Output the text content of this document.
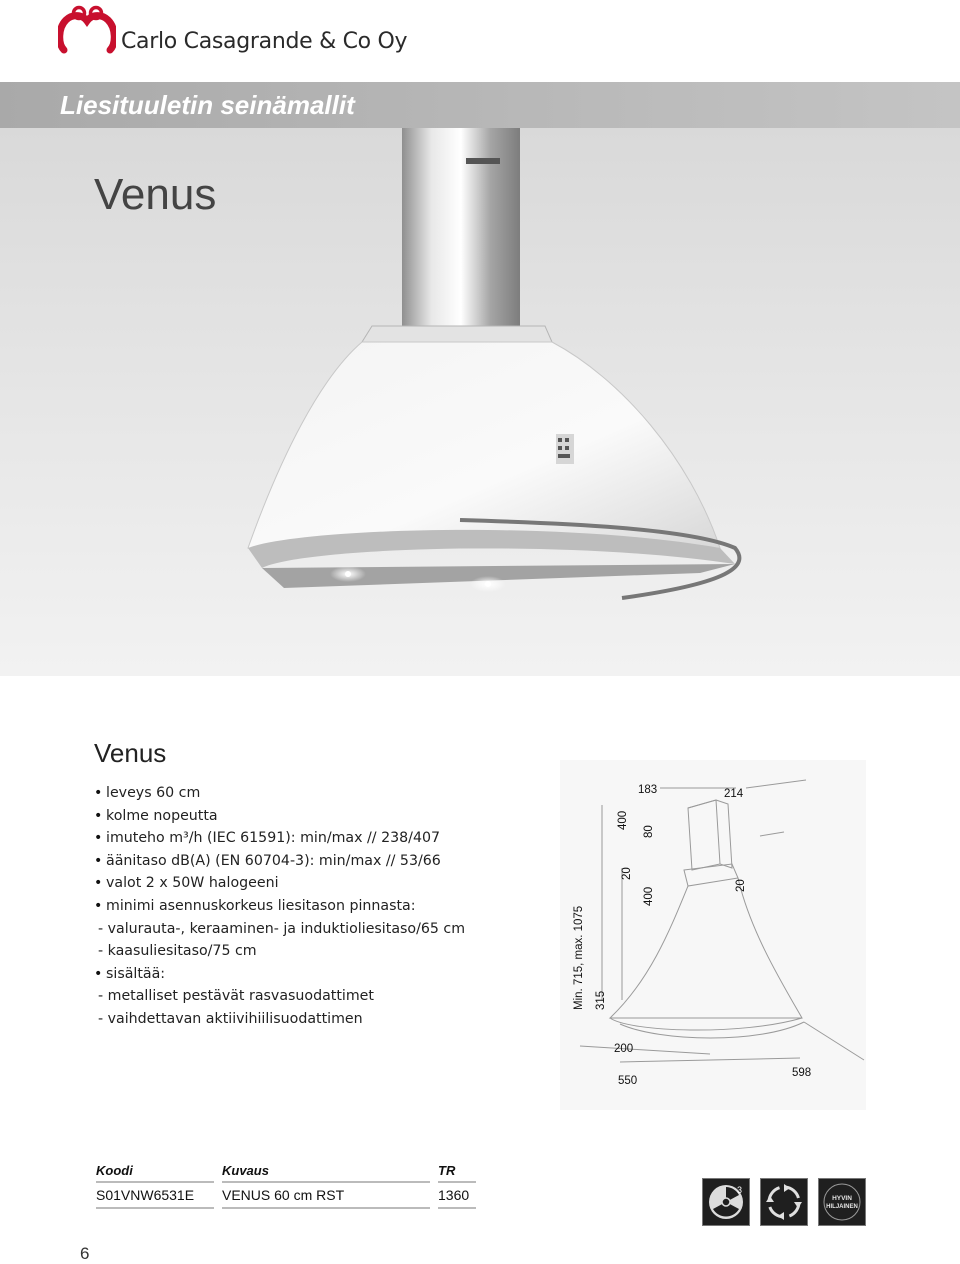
Carlo Casagrande & Co Oy
Liesituuletin seinämallit
Venus
Venus
• leveys 60 cm
• kolme nopeutta
• imuteho m³/h (IEC 61591): min/max // 238/407
• äänitaso dB(A) (EN 60704-3): min/max // 53/66
• valot 2 x 50W halogeeni
• minimi asennuskorkeus liesitason pinnasta:
- valurauta-, keraaminen- ja induktioliesitaso/65 cm
- kaasuliesitaso/75 cm
• sisältää:
- metalliset pestävät rasvasuodattimet
- vaihdettavan aktiivihiilisuodattimen
183	214
400
80
20
400
20
Min. 715, max. 1075 315
200
550
598
Koodi	Kuvaus	TR
S01VNW6531E	VENUS 60 cm RST	1360	3
HYVIN
HILJAINEN
6
